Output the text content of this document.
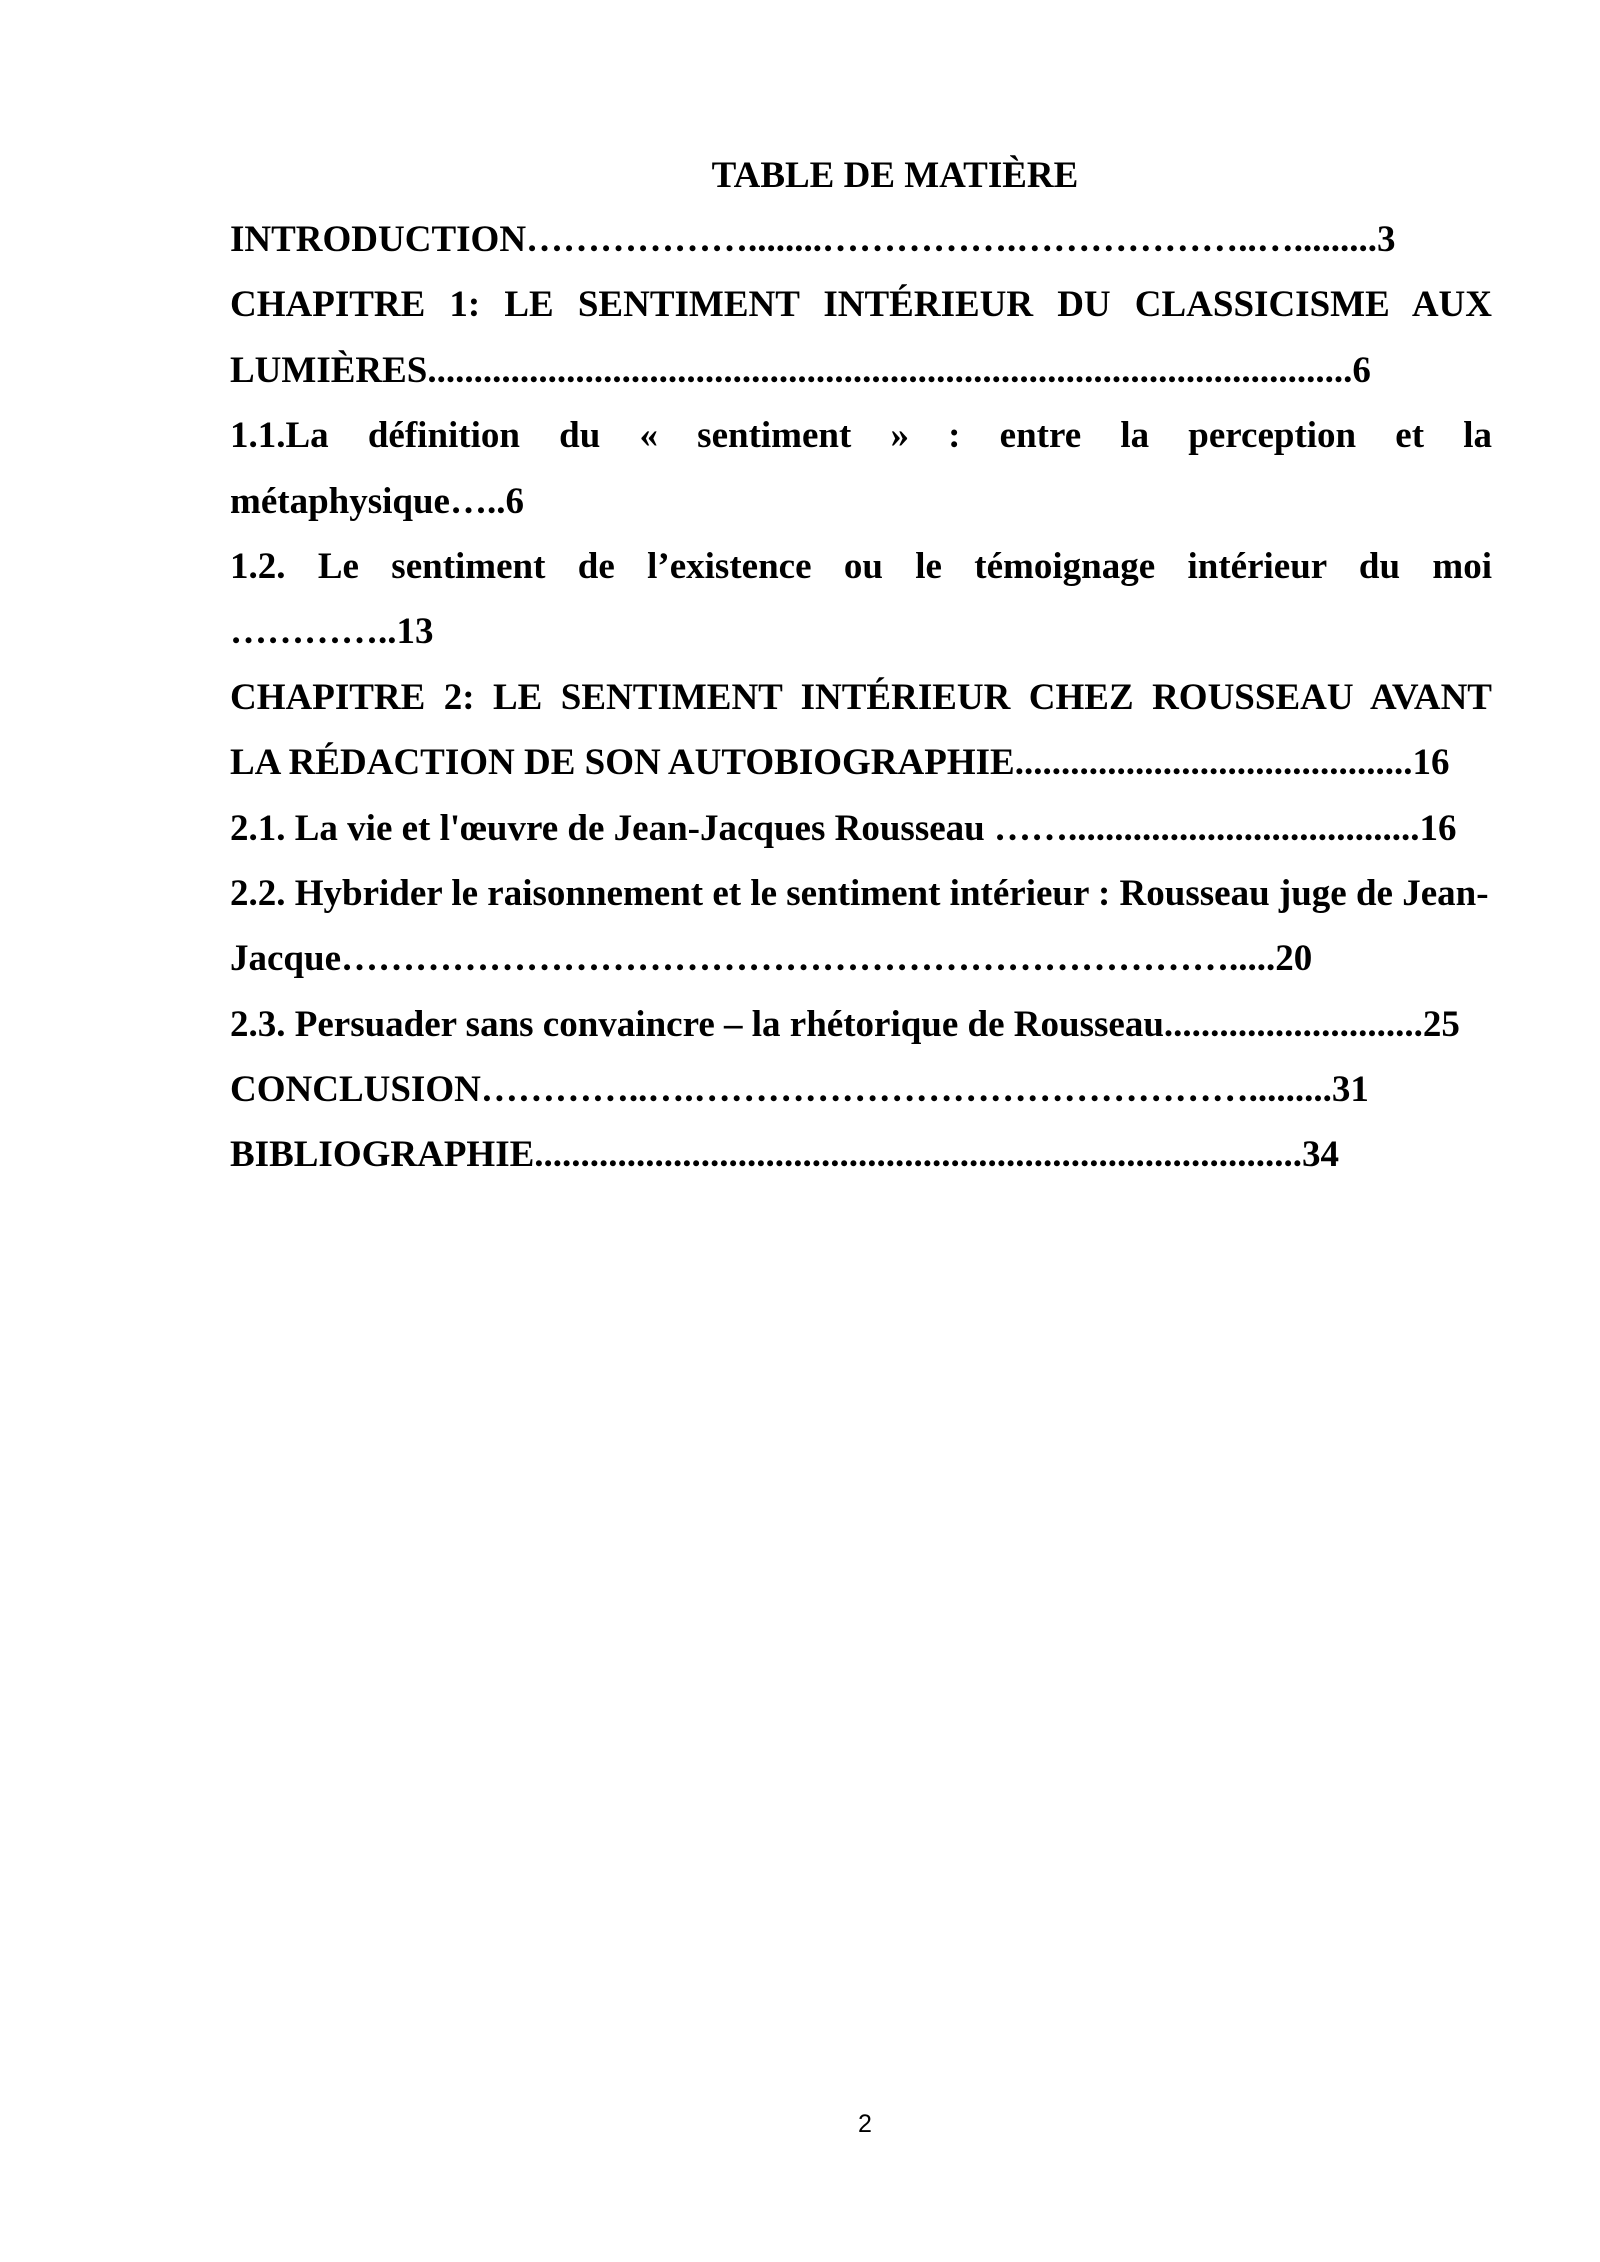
TABLE DE MATIÈRE
INTRODUCTION………………........…………….………………..….........3
CHAPITRE 1: LE SENTIMENT INTÉRIEUR DU CLASSICISME AUX
LUMIÈRES....................................................................................................6
1.1.La définition du « sentiment » : entre la perception et la
métaphysique…..6
1.2. Le sentiment de l’existence ou le témoignage intérieur du moi
…………..13
CHAPITRE 2: LE SENTIMENT INTÉRIEUR CHEZ ROUSSEAU AVANT
LA RÉDACTION DE SON AUTOBIOGRAPHIE...........................................16
2.1. La vie et l'œuvre de Jean-Jacques Rousseau ……......................................16
2.2. Hybrider le raisonnement et le sentiment intérieur : Rousseau juge de Jean-
Jacque……………………………………………………………….....20
2.3. Persuader sans convaincre – la rhétorique de Rousseau............................25
CONCLUSION…………..….……………………………………….........31
BIBLIOGRAPHIE...................................................................................34
2
